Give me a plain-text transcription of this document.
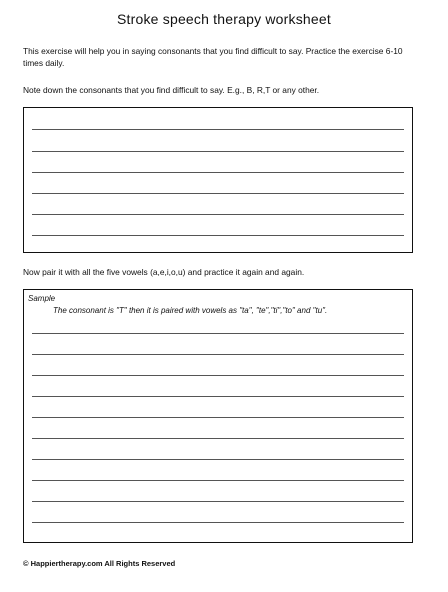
Stroke speech therapy worksheet
This exercise will help you in saying consonants that you find difficult to say. Practice the exercise 6-10 times daily.
Note down the consonants that you find difficult to say. E.g., B, R,T or any other.
Now pair it with all the five vowels (a,e,i,o,u) and practice it again and again.
Sample
The consonant is "T" then it is paired with vowels as "ta", "te","ti","to" and "tu".
© Happiertherapy.com All Rights Reserved
